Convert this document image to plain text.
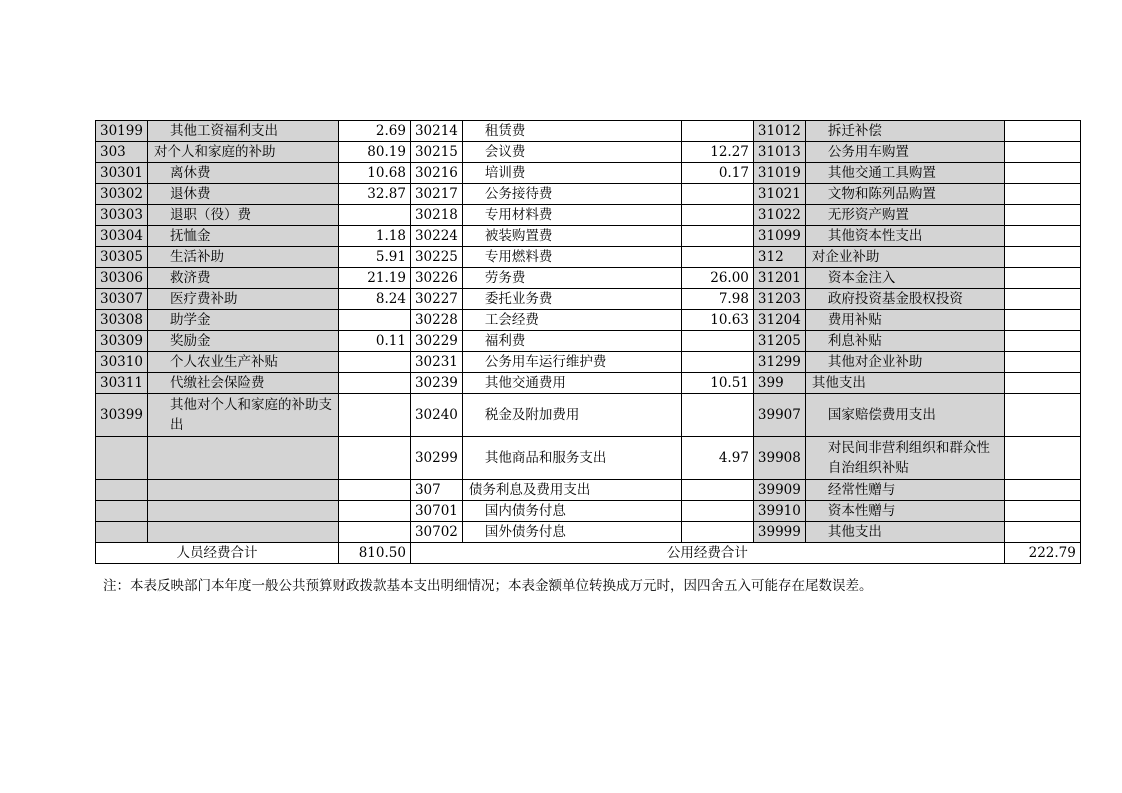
30199	其他工资福利支出	2.69	30214	租赁费		31012	拆迁补偿	
303	对个人和家庭的补助	80.19	30215	会议费	12.27	31013	公务用车购置	
30301	离休费	10.68	30216	培训费	0.17	31019	其他交通工具购置	
30302	退休费	32.87	30217	公务接待费		31021	文物和陈列品购置	
30303	退职（役）费		30218	专用材料费		31022	无形资产购置	
30304	抚恤金	1.18	30224	被装购置费		31099	其他资本性支出	
30305	生活补助	5.91	30225	专用燃料费		312	对企业补助	
30306	救济费	21.19	30226	劳务费	26.00	31201	资本金注入	
30307	医疗费补助	8.24	30227	委托业务费	7.98	31203	政府投资基金股权投资	
30308	助学金		30228	工会经费	10.63	31204	费用补贴	
30309	奖励金	0.11	30229	福利费		31205	利息补贴	
30310	个人农业生产补贴		30231	公务用车运行维护费		31299	其他对企业补助	
30311	代缴社会保险费		30239	其他交通费用	10.51	399	其他支出	
30399	其他对个人和家庭的补助支出		30240	税金及附加费用		39907	国家赔偿费用支出	
			30299	其他商品和服务支出	4.97	39908	对民间非营利组织和群众性自治组织补贴	
			307	债务利息及费用支出		39909	经常性赠与	
			30701	国内债务付息		39910	资本性赠与	
			30702	国外债务付息		39999	其他支出	
人员经费合计		810.50	公用经费合计					222.79
注：本表反映部门本年度一般公共预算财政拨款基本支出明细情况；本表金额单位转换成万元时，因四舍五入可能存在尾数误差。
